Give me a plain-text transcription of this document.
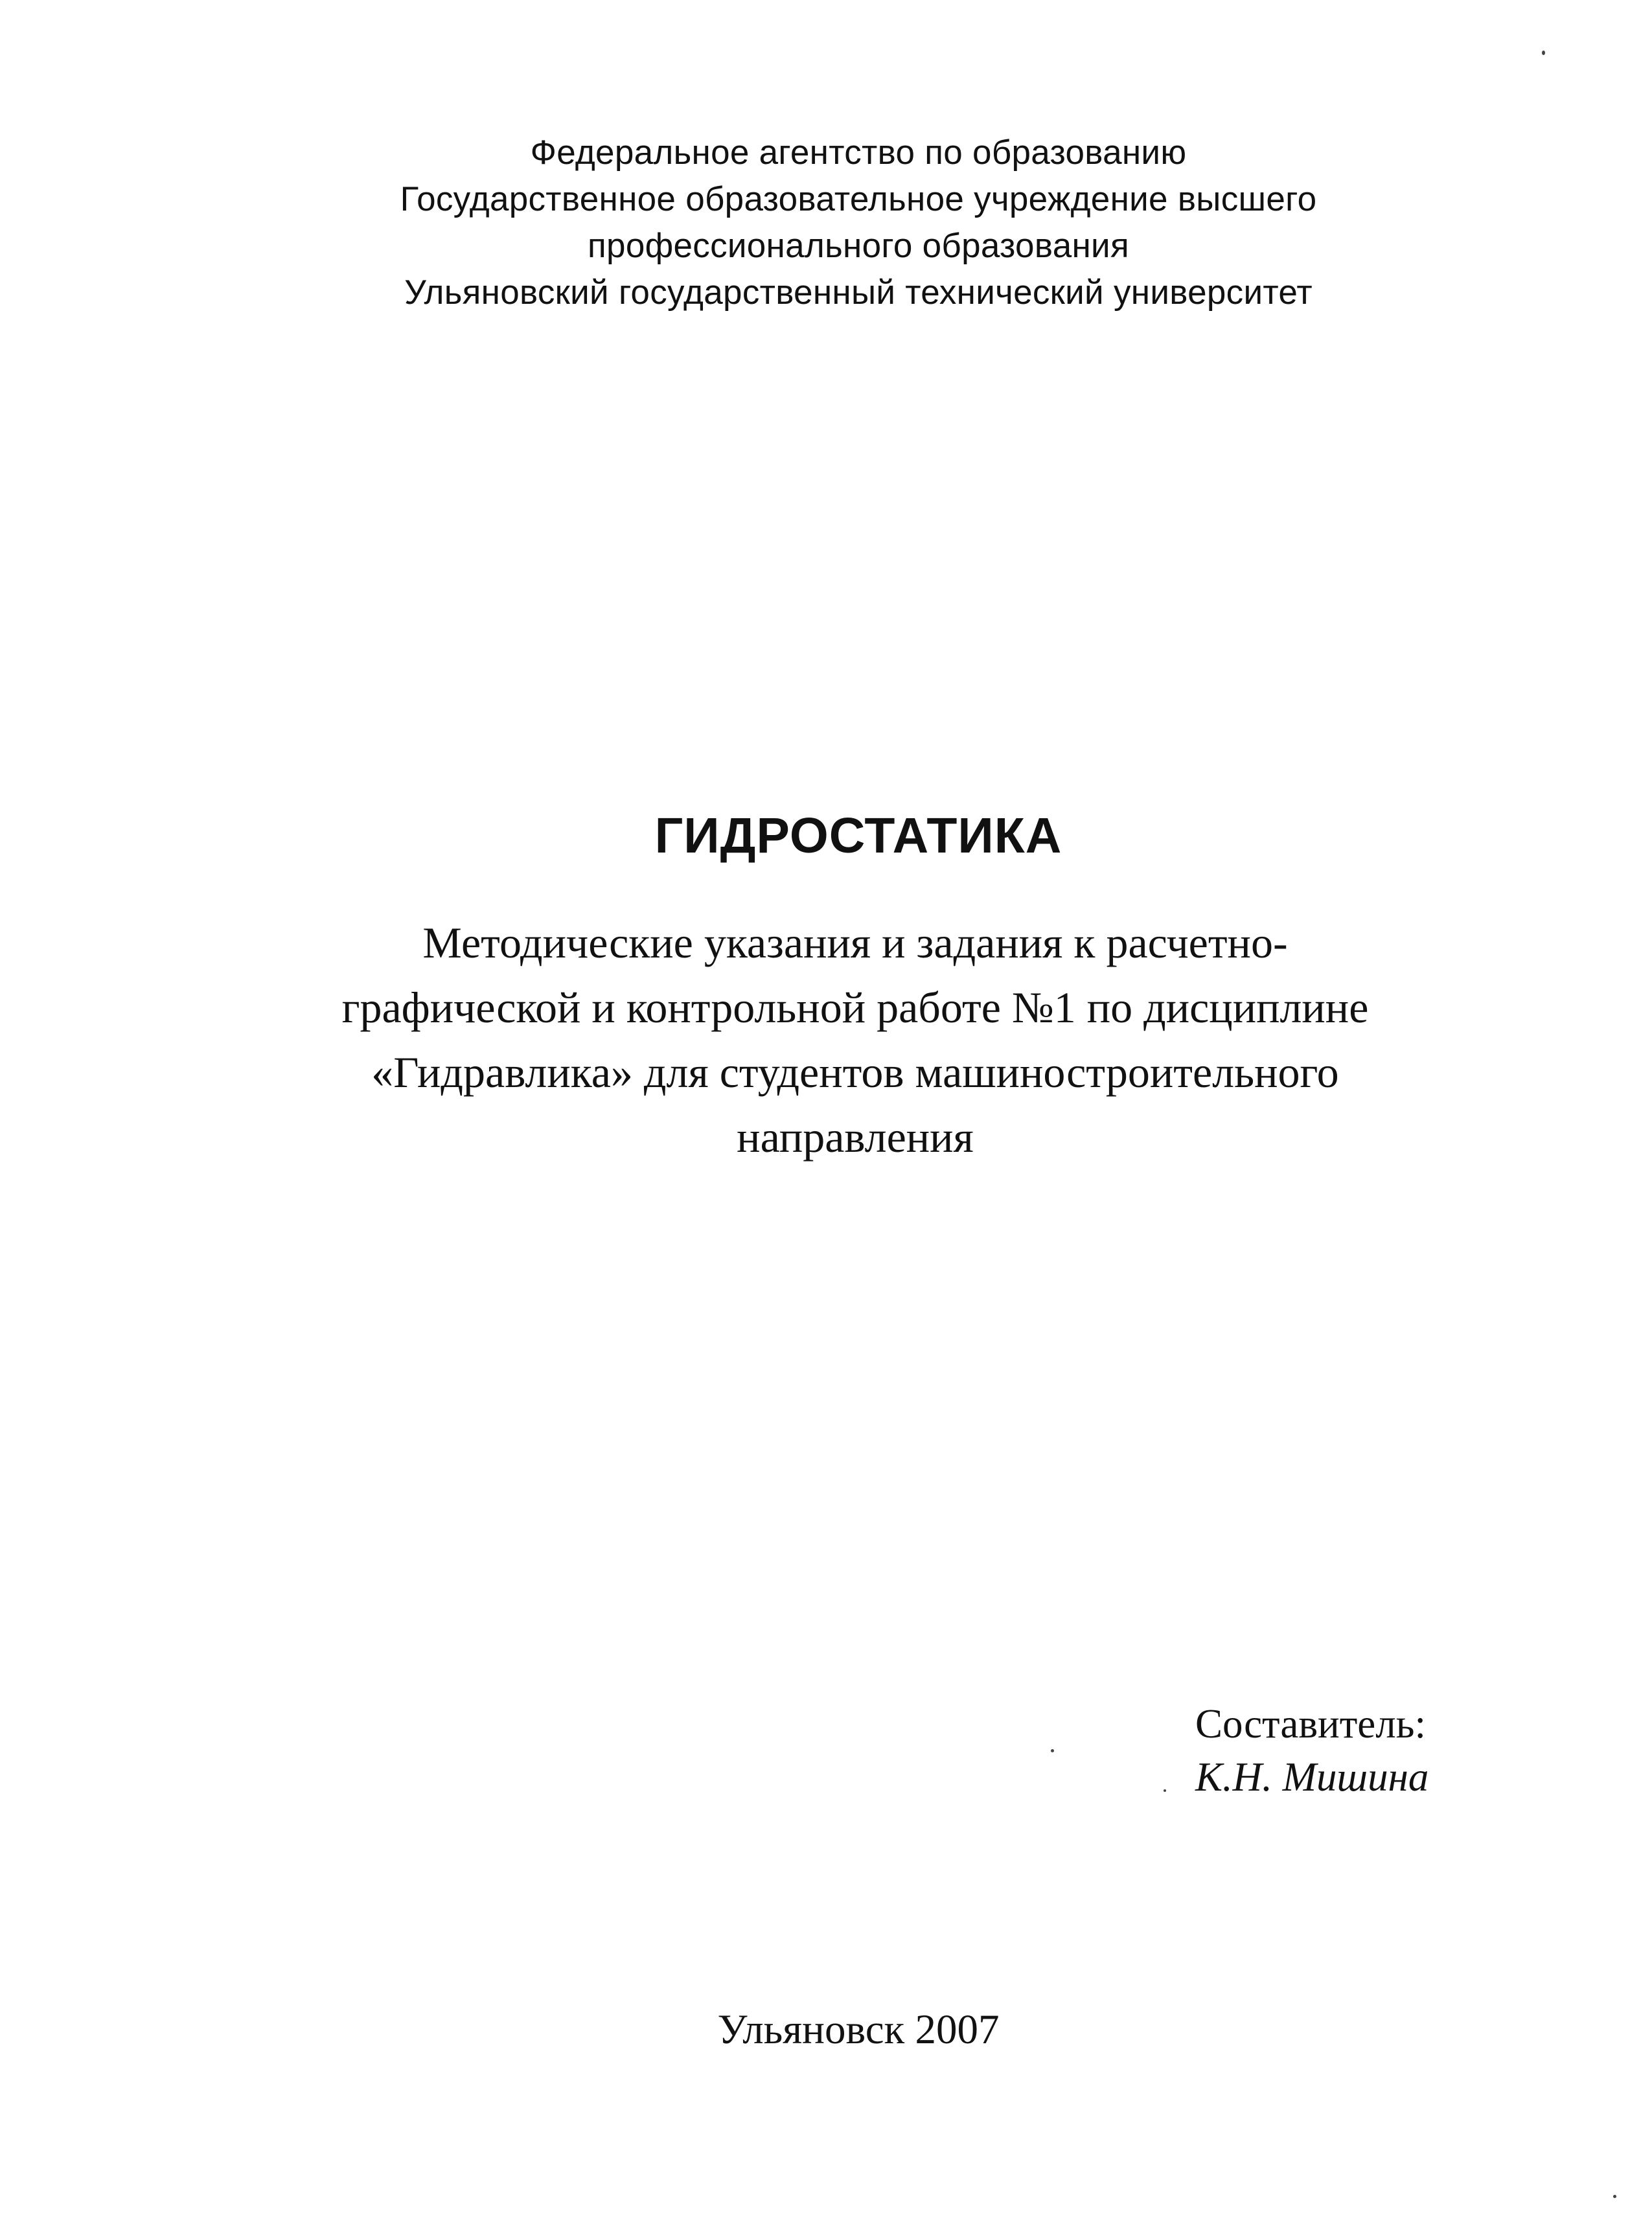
Федеральное агентство по образованию
Государственное образовательное учреждение высшего
профессионального образования
Ульяновский государственный технический университет
ГИДРОСТАТИКА
Методические указания и задания к расчетно-
графической и контрольной работе №1 по дисциплине
«Гидравлика» для студентов машиностроительного
направления
Составитель:
К.Н. Мишина
Ульяновск 2007
